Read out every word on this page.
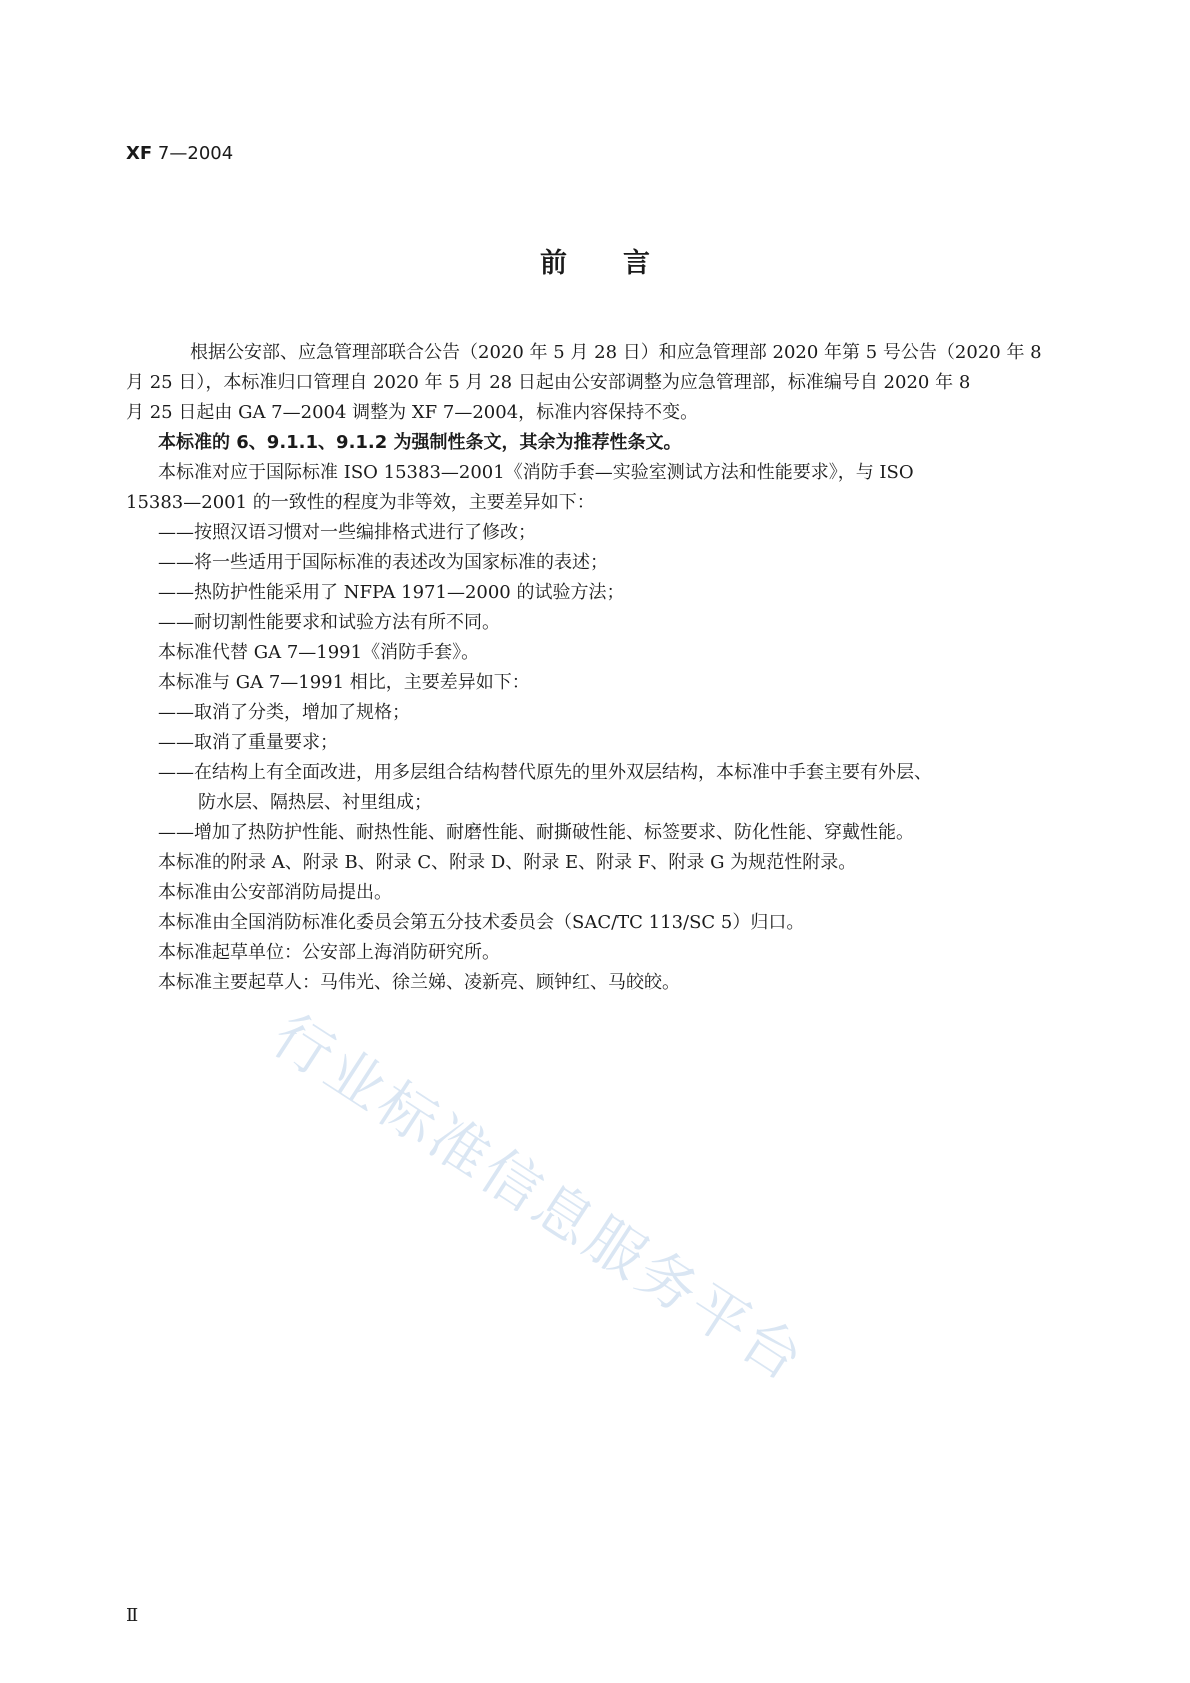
XF 7—2004
前言

根据公安部、应急管理部联合公告（2020 年 5 月 28 日）和应急管理部 2020 年第 5 号公告（2020 年 8

月 25 日），本标准归口管理自 2020 年 5 月 28 日起由公安部调整为应急管理部，标准编号自 2020 年 8

月 25 日起由 GA 7—2004 调整为 XF 7—2004，标准内容保持不变。

本标准的 6、9.1.1、9.1.2 为强制性条文，其余为推荐性条文。

本标准对应于国际标准 ISO 15383—2001《消防手套—实验室测试方法和性能要求》，与 ISO

15383—2001 的一致性的程度为非等效，主要差异如下：

——按照汉语习惯对一些编排格式进行了修改；

——将一些适用于国际标准的表述改为国家标准的表述；

——热防护性能采用了 NFPA 1971—2000 的试验方法；

——耐切割性能要求和试验方法有所不同。

本标准代替 GA 7—1991《消防手套》。

本标准与 GA 7—1991 相比，主要差异如下：

——取消了分类，增加了规格；

——取消了重量要求；

——在结构上有全面改进，用多层组合结构替代原先的里外双层结构，本标准中手套主要有外层、

防水层、隔热层、衬里组成；

——增加了热防护性能、耐热性能、耐磨性能、耐撕破性能、标签要求、防化性能、穿戴性能。

本标准的附录 A、附录 B、附录 C、附录 D、附录 E、附录 F、附录 G 为规范性附录。

本标准由公安部消防局提出。

本标准由全国消防标准化委员会第五分技术委员会（SAC/TC 113/SC 5）归口。

本标准起草单位：公安部上海消防研究所。

本标准主要起草人：马伟光、徐兰娣、凌新亮、顾钟红、马皎皎。

行业标准信息服务平台
Ⅱ
